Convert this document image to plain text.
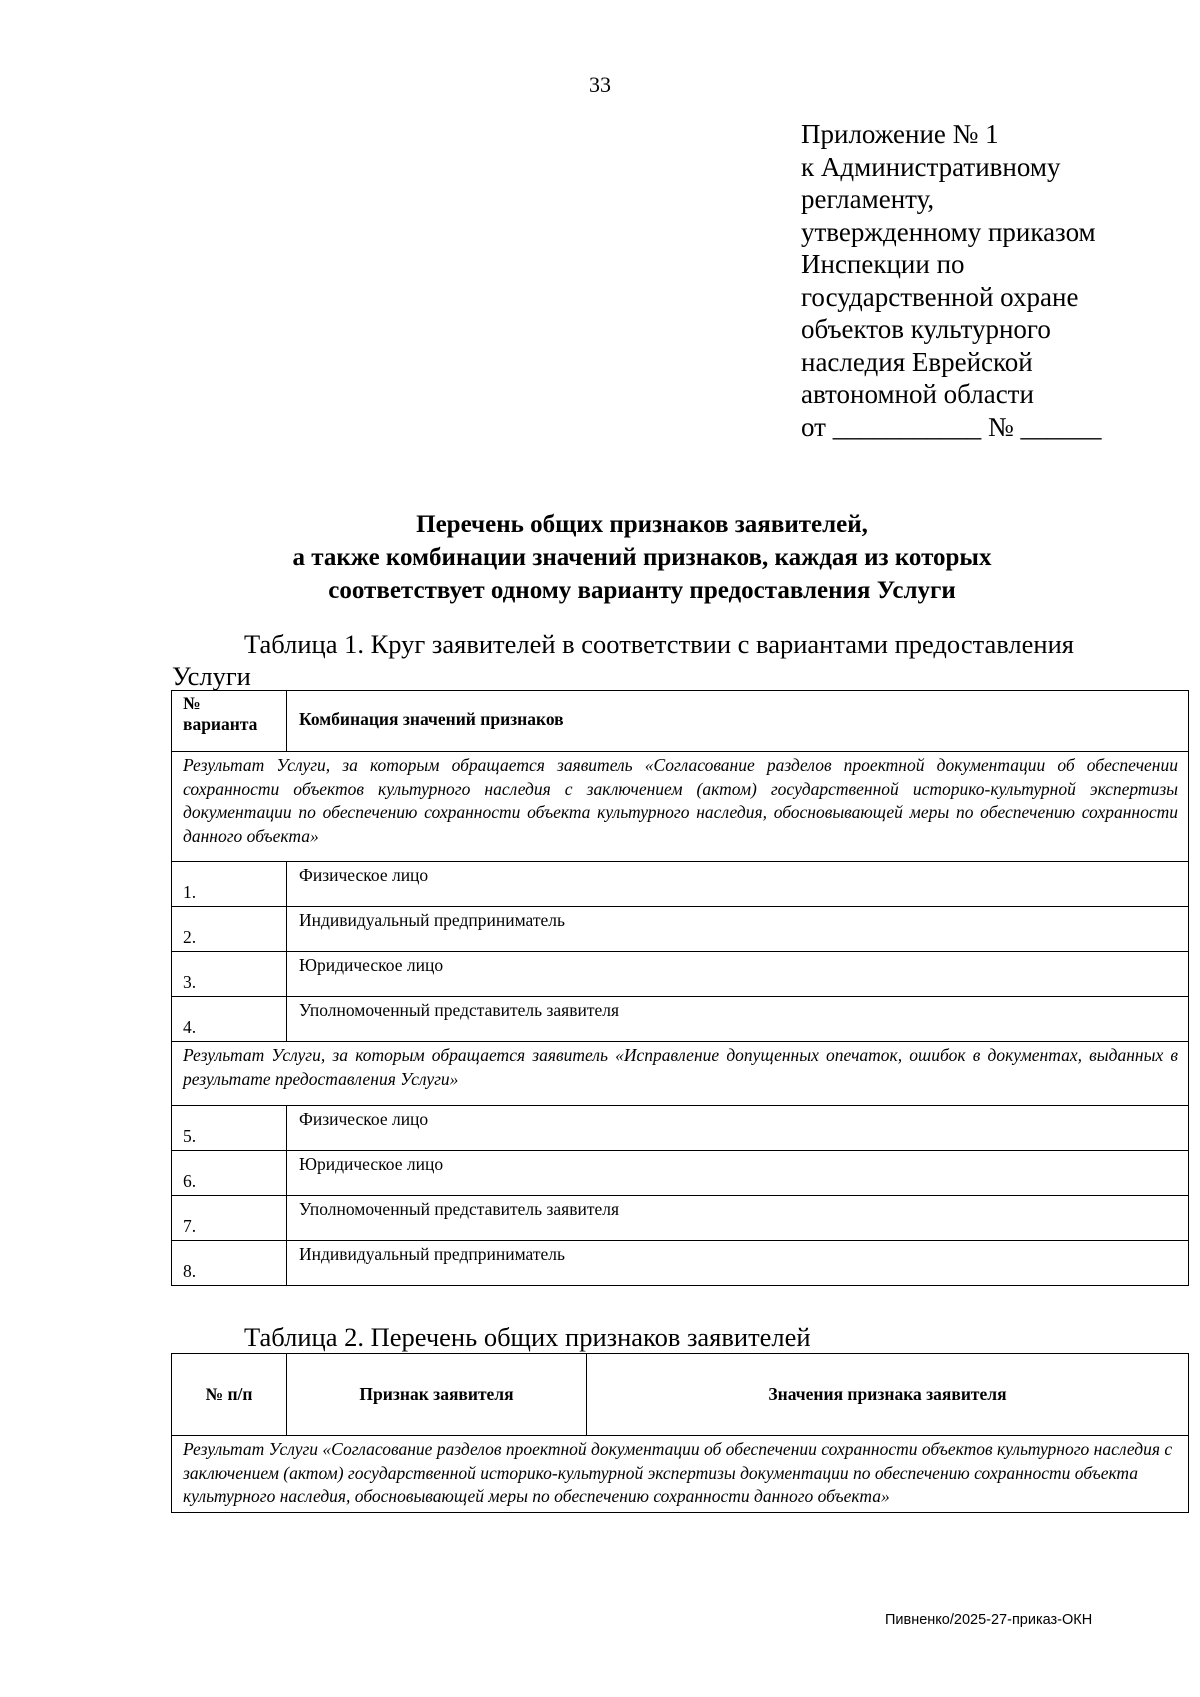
33
Приложение № 1
к Административному
регламенту,
утвержденному приказом
Инспекции по
государственной охране
объектов культурного
наследия Еврейской
автономной области
от ___________ № ______
Перечень общих признаков заявителей,
а также комбинации значений признаков, каждая из которых
соответствует одному варианту предоставления Услуги
Таблица 1. Круг заявителей в соответствии с вариантами предоставления Услуги
№
варианта	Комбинация значений признаков
Результат Услуги, за которым обращается заявитель «Согласование разделов проектной документации об обеспечении сохранности объектов культурного наследия с заключением (актом) государственной историко-культурной экспертизы документации по обеспечению сохранности объекта культурного наследия, обосновывающей меры по обеспечению сохранности данного объекта»	
1.	Физическое лицо
2.	Индивидуальный предприниматель
3.	Юридическое лицо
4.	Уполномоченный представитель заявителя
Результат Услуги, за которым обращается заявитель «Исправление допущенных опечаток, ошибок в документах, выданных в результате предоставления Услуги»	
5.	Физическое лицо
6.	Юридическое лицо
7.	Уполномоченный представитель заявителя
8.	Индивидуальный предприниматель
Таблица 2. Перечень общих признаков заявителей
№ п/п	Признак заявителя	Значения признака заявителя
Результат Услуги «Согласование разделов проектной документации об обеспечении сохранности объектов культурного наследия с заключением (актом) государственной историко-культурной экспертизы документации по обеспечению сохранности объекта культурного наследия, обосновывающей меры по обеспечению сохранности данного объекта»
Пивненко/2025-27-приказ-ОКН
